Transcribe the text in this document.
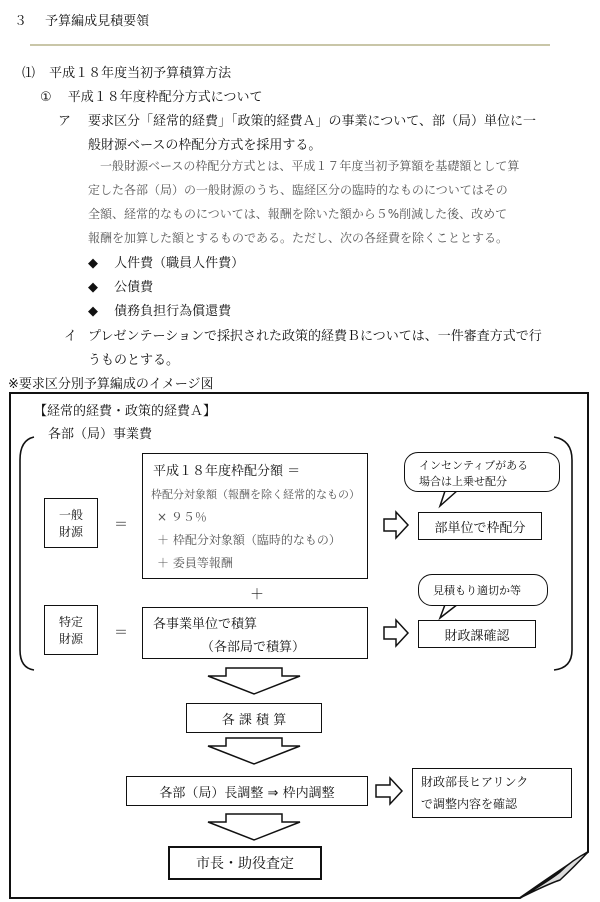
３ 予算編成見積要領
⑴ 平成１８年度当初予算積算方法
① 平成１８年度枠配分方式について
ア 要求区分「経常的経費」「政策的経費Ａ」の事業について、部（局）単位に一
般財源ベースの枠配分方式を採用する。
一般財源ベースの枠配分方式とは、平成１７年度当初予算額を基礎額として算
定した各部（局）の一般財源のうち、臨経区分の臨時的なものについてはその
全額、経常的なものについては、報酬を除いた額から５%削減した後、改めて
報酬を加算した額とするものである。ただし、次の各経費を除くこととする。
◆ 人件費（職員人件費）
◆ 公債費
◆ 債務負担行為償還費
イ プレゼンテーションで採択された政策的経費Ｂについては、一件審査方式で行
うものとする。
※要求区分別予算編成のイメージ図
【経常的経費・政策的経費Ａ】
各部（局）事業費
一般
財源 ＝
平成１８年度枠配分額 ＝
枠配分対象額（報酬を除く経常的なもの）
× ９５％
＋ 枠配分対象額（臨時的なもの）
＋ 委員等報酬
＋
特定
財源 ＝
各事業単位で積算
（各部局で積算）
インセンティブがある
場合は上乗せ配分
見積もり適切か等
部単位で枠配分
財政課確認
各 課 積 算
各部（局）長調整 ⇒ 枠内調整
財政部長ヒアリンク
で調整内容を確認
市長・助役査定
